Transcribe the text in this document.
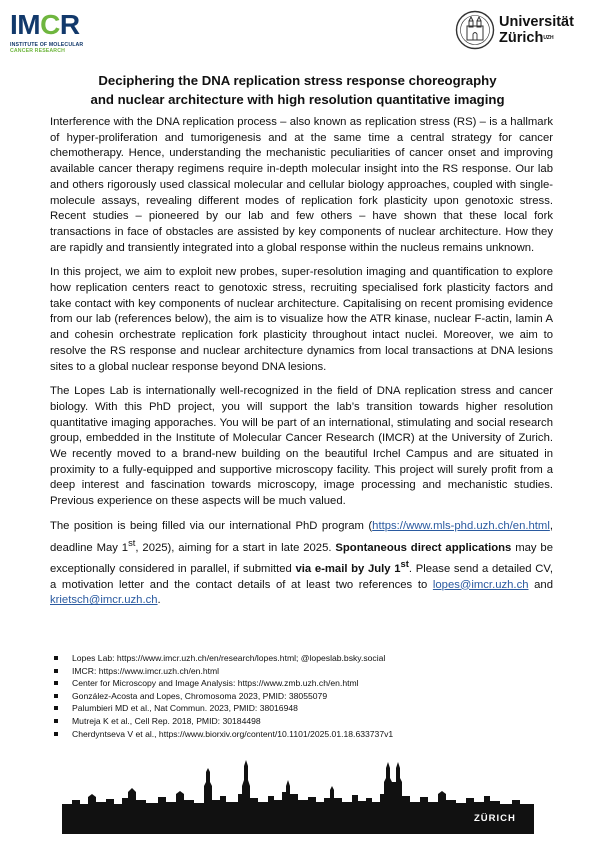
IMCR
INSTITUTE OF MOLECULAR
CANCER RESEARCH
Universität
Zürich$^{UZH}$
Deciphering the DNA replication stress response choreography
and nuclear architecture with high resolution quantitative imaging

Interference with the DNA replication process – also known as replication stress (RS) – is a hallmark of hyper-proliferation and tumorigenesis and at the same time a central strategy for cancer chemotherapy. Hence, understanding the mechanistic peculiarities of cancer onset and improving available cancer therapy regimens require in-depth molecular insight into the RS response. Our lab and others rigorously used classical molecular and cellular biology approaches, coupled with single-molecule assays, revealing different modes of replication fork plasticity upon genotoxic stress. Recent studies – pioneered by our lab and few others – have shown that these local fork transactions in face of obstacles are assisted by key components of nuclear architecture. How they are rapidly and transiently integrated into a global response within the nucleus remains unknown.

In this project, we aim to exploit new probes, super-resolution imaging and quantification to explore how replication centers react to genotoxic stress, recruiting specialised fork plasticity factors and take contact with key components of nuclear architecture. Capitalising on recent promising evidence from our lab (references below), the aim is to visualize how the ATR kinase, nuclear F-actin, lamin A and cohesin orchestrate replication fork plasticity throughout intact nuclei. Moreover, we aim to resolve the RS response and nuclear architecture dynamics from local transactions at DNA lesions sites to a global nuclear response beyond DNA lesions.

The Lopes Lab is internationally well-recognized in the field of DNA replication stress and cancer biology. With this PhD project, you will support the lab’s transition towards higher resolution quantitative imaging apporaches. You will be part of an international, stimulating and social research group, embedded in the Institute of Molecular Cancer Research (IMCR) at the University of Zurich. We recently moved to a brand-new building on the beautiful Irchel Campus and are situated in proximity to a fully-equipped and supportive microscopy facility. This project will surely profit from a deep interest and fascination towards microscopy, image processing and mechanistic studies. Previous experience on these aspects will be much valued.

The position is being filled via our international PhD program (https://www.mls-phd.uzh.ch/en.html, deadline May 1st, 2025), aiming for a start in late 2025. Spontaneous direct applications may be exceptionally considered in parallel, if submitted via e-mail by July 1st. Please send a detailed CV, a motivation letter and the contact details of at least two references to lopes@imcr.uzh.ch and krietsch@imcr.uzh.ch.

Lopes Lab: https://www.imcr.uzh.ch/en/research/lopes.html; @lopeslab.bsky.social
IMCR: https://www.imcr.uzh.ch/en.html
Center for Microscopy and Image Analysis: https://www.zmb.uzh.ch/en.html
González-Acosta and Lopes, Chromosoma 2023, PMID: 38055079
Palumbieri MD et al., Nat Commun. 2023, PMID: 38016948
Mutreja K et al., Cell Rep. 2018, PMID: 30184498
Cherdyntseva V et al., https://www.biorxiv.org/content/10.1101/2025.01.18.633737v1
ZÜRICH
